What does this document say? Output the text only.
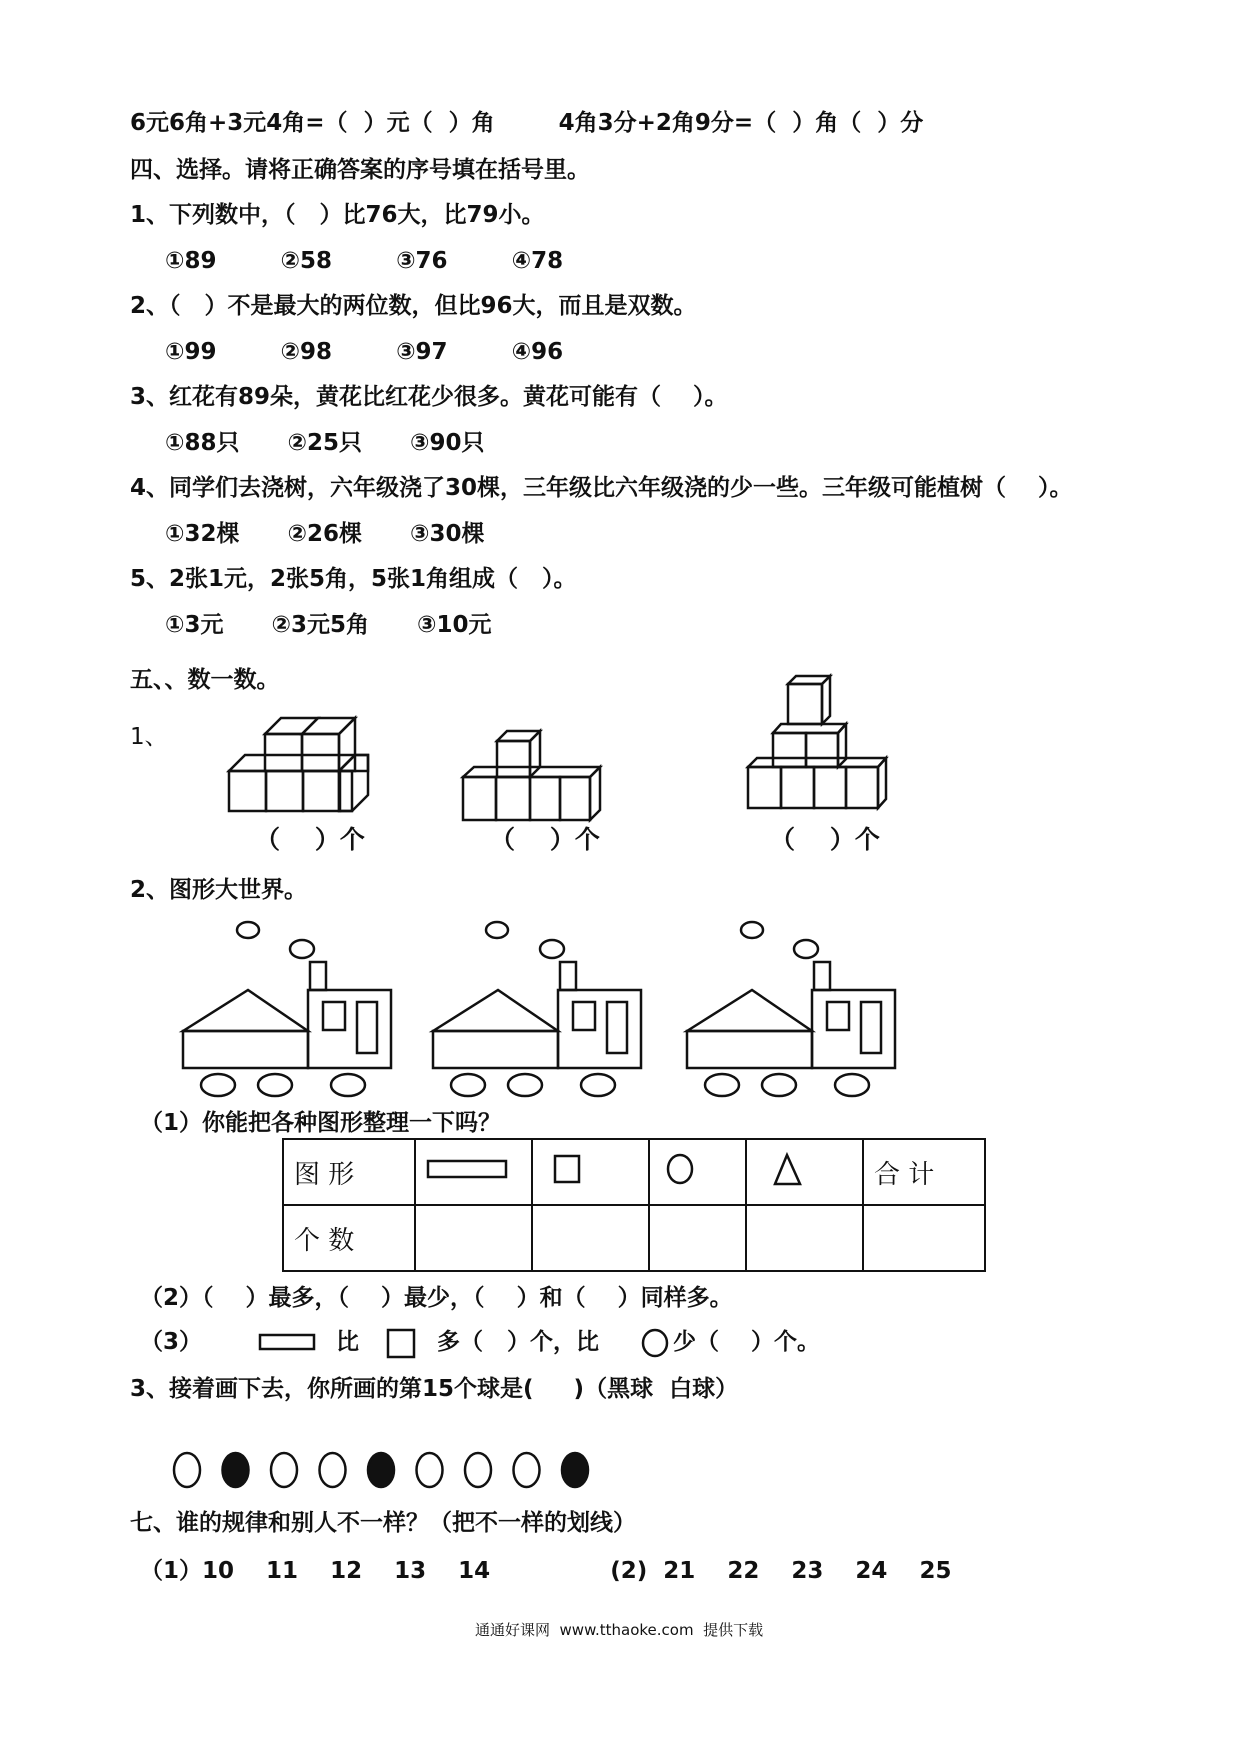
6元6角+3元4角=（  ）元（  ）角        4角3分+2角9分=（  ）角（  ）分
四、选择。请将正确答案的序号填在括号里。
1、下列数中，（   ）比76大，比79小。
①89        ②58        ③76        ④78
2、（   ）不是最大的两位数，但比96大，而且是双数。
①99        ②98        ③97        ④96
3、红花有89朵，黄花比红花少很多。黄花可能有（    ）。
①88只      ②25只      ③90只
4、同学们去浇树，六年级浇了30棵，三年级比六年级浇的少一些。三年级可能植树（    ）。
①32棵      ②26棵      ③30棵
5、2张1元，2张5角，5张1角组成（   ）。
①3元      ②3元5角      ③10元
五、、数一数。
1、
（    ）个	（    ）个	（    ）个
2、图形大世界。
（1）你能把各种图形整理一下吗？
图 形					合 计
个 数					
（2）（    ）最多，（    ）最少，（    ）和（    ）同样多。
（3）	比	多（   ）个，比	少（    ）个。
3、接着画下去，你所画的第15个球是(     )（黑球  白球）
七、谁的规律和别人不一样？（把不一样的划线）
（1）10    11    12    13    14               (2)  21    22    23    24    25
通通好课网  www.tthaoke.com  提供下载
